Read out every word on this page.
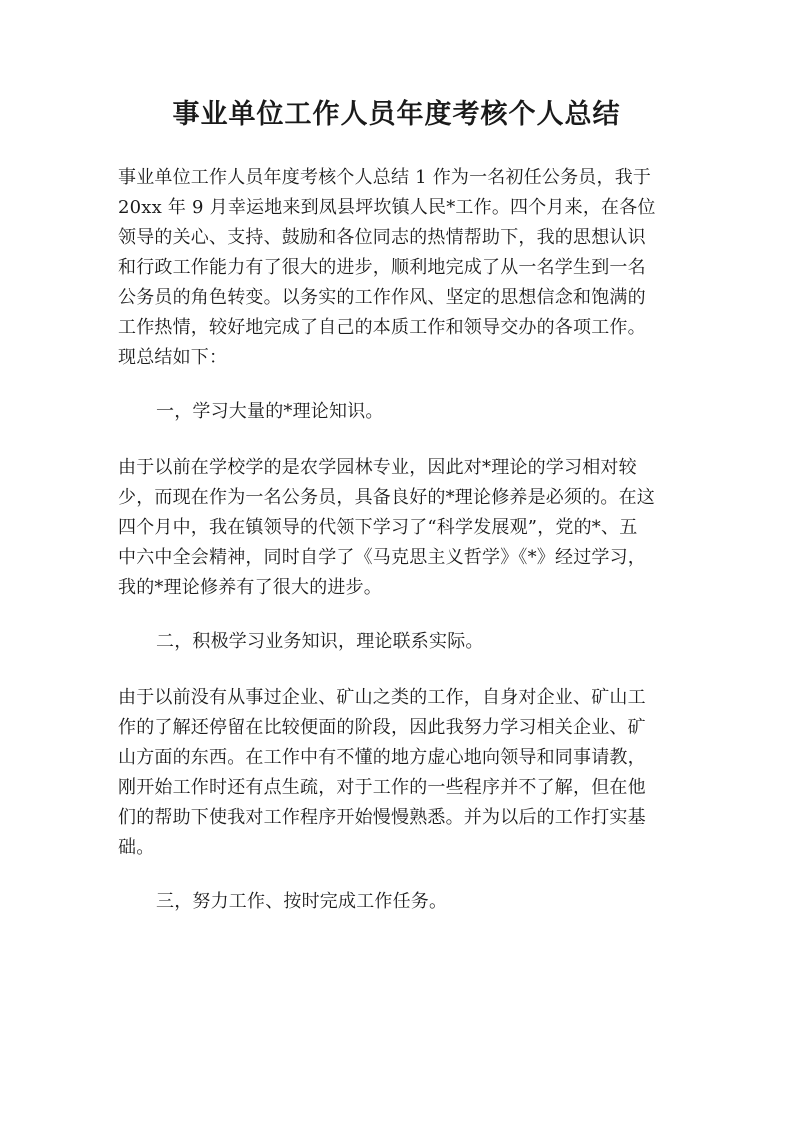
事业单位工作人员年度考核个人总结
事业单位工作人员年度考核个人总结 1 作为一名初任公务员，我于
20xx 年 9 月幸运地来到凤县坪坎镇人民*工作。四个月来，在各位
领导的关心、支持、鼓励和各位同志的热情帮助下，我的思想认识
和行政工作能力有了很大的进步，顺利地完成了从一名学生到一名
公务员的角色转变。以务实的工作作风、坚定的思想信念和饱满的
工作热情，较好地完成了自己的本质工作和领导交办的各项工作。
现总结如下：
一，学习大量的*理论知识。
由于以前在学校学的是农学园林专业，因此对*理论的学习相对较
少，而现在作为一名公务员，具备良好的*理论修养是必须的。在这
四个月中，我在镇领导的代领下学习了“科学发展观”，党的*、五
中六中全会精神，同时自学了《马克思主义哲学》《*》经过学习，
我的*理论修养有了很大的进步。
二，积极学习业务知识，理论联系实际。
由于以前没有从事过企业、矿山之类的工作，自身对企业、矿山工
作的了解还停留在比较便面的阶段，因此我努力学习相关企业、矿
山方面的东西。在工作中有不懂的地方虚心地向领导和同事请教，
刚开始工作时还有点生疏，对于工作的一些程序并不了解，但在他
们的帮助下使我对工作程序开始慢慢熟悉。并为以后的工作打实基
础。
三，努力工作、按时完成工作任务。
